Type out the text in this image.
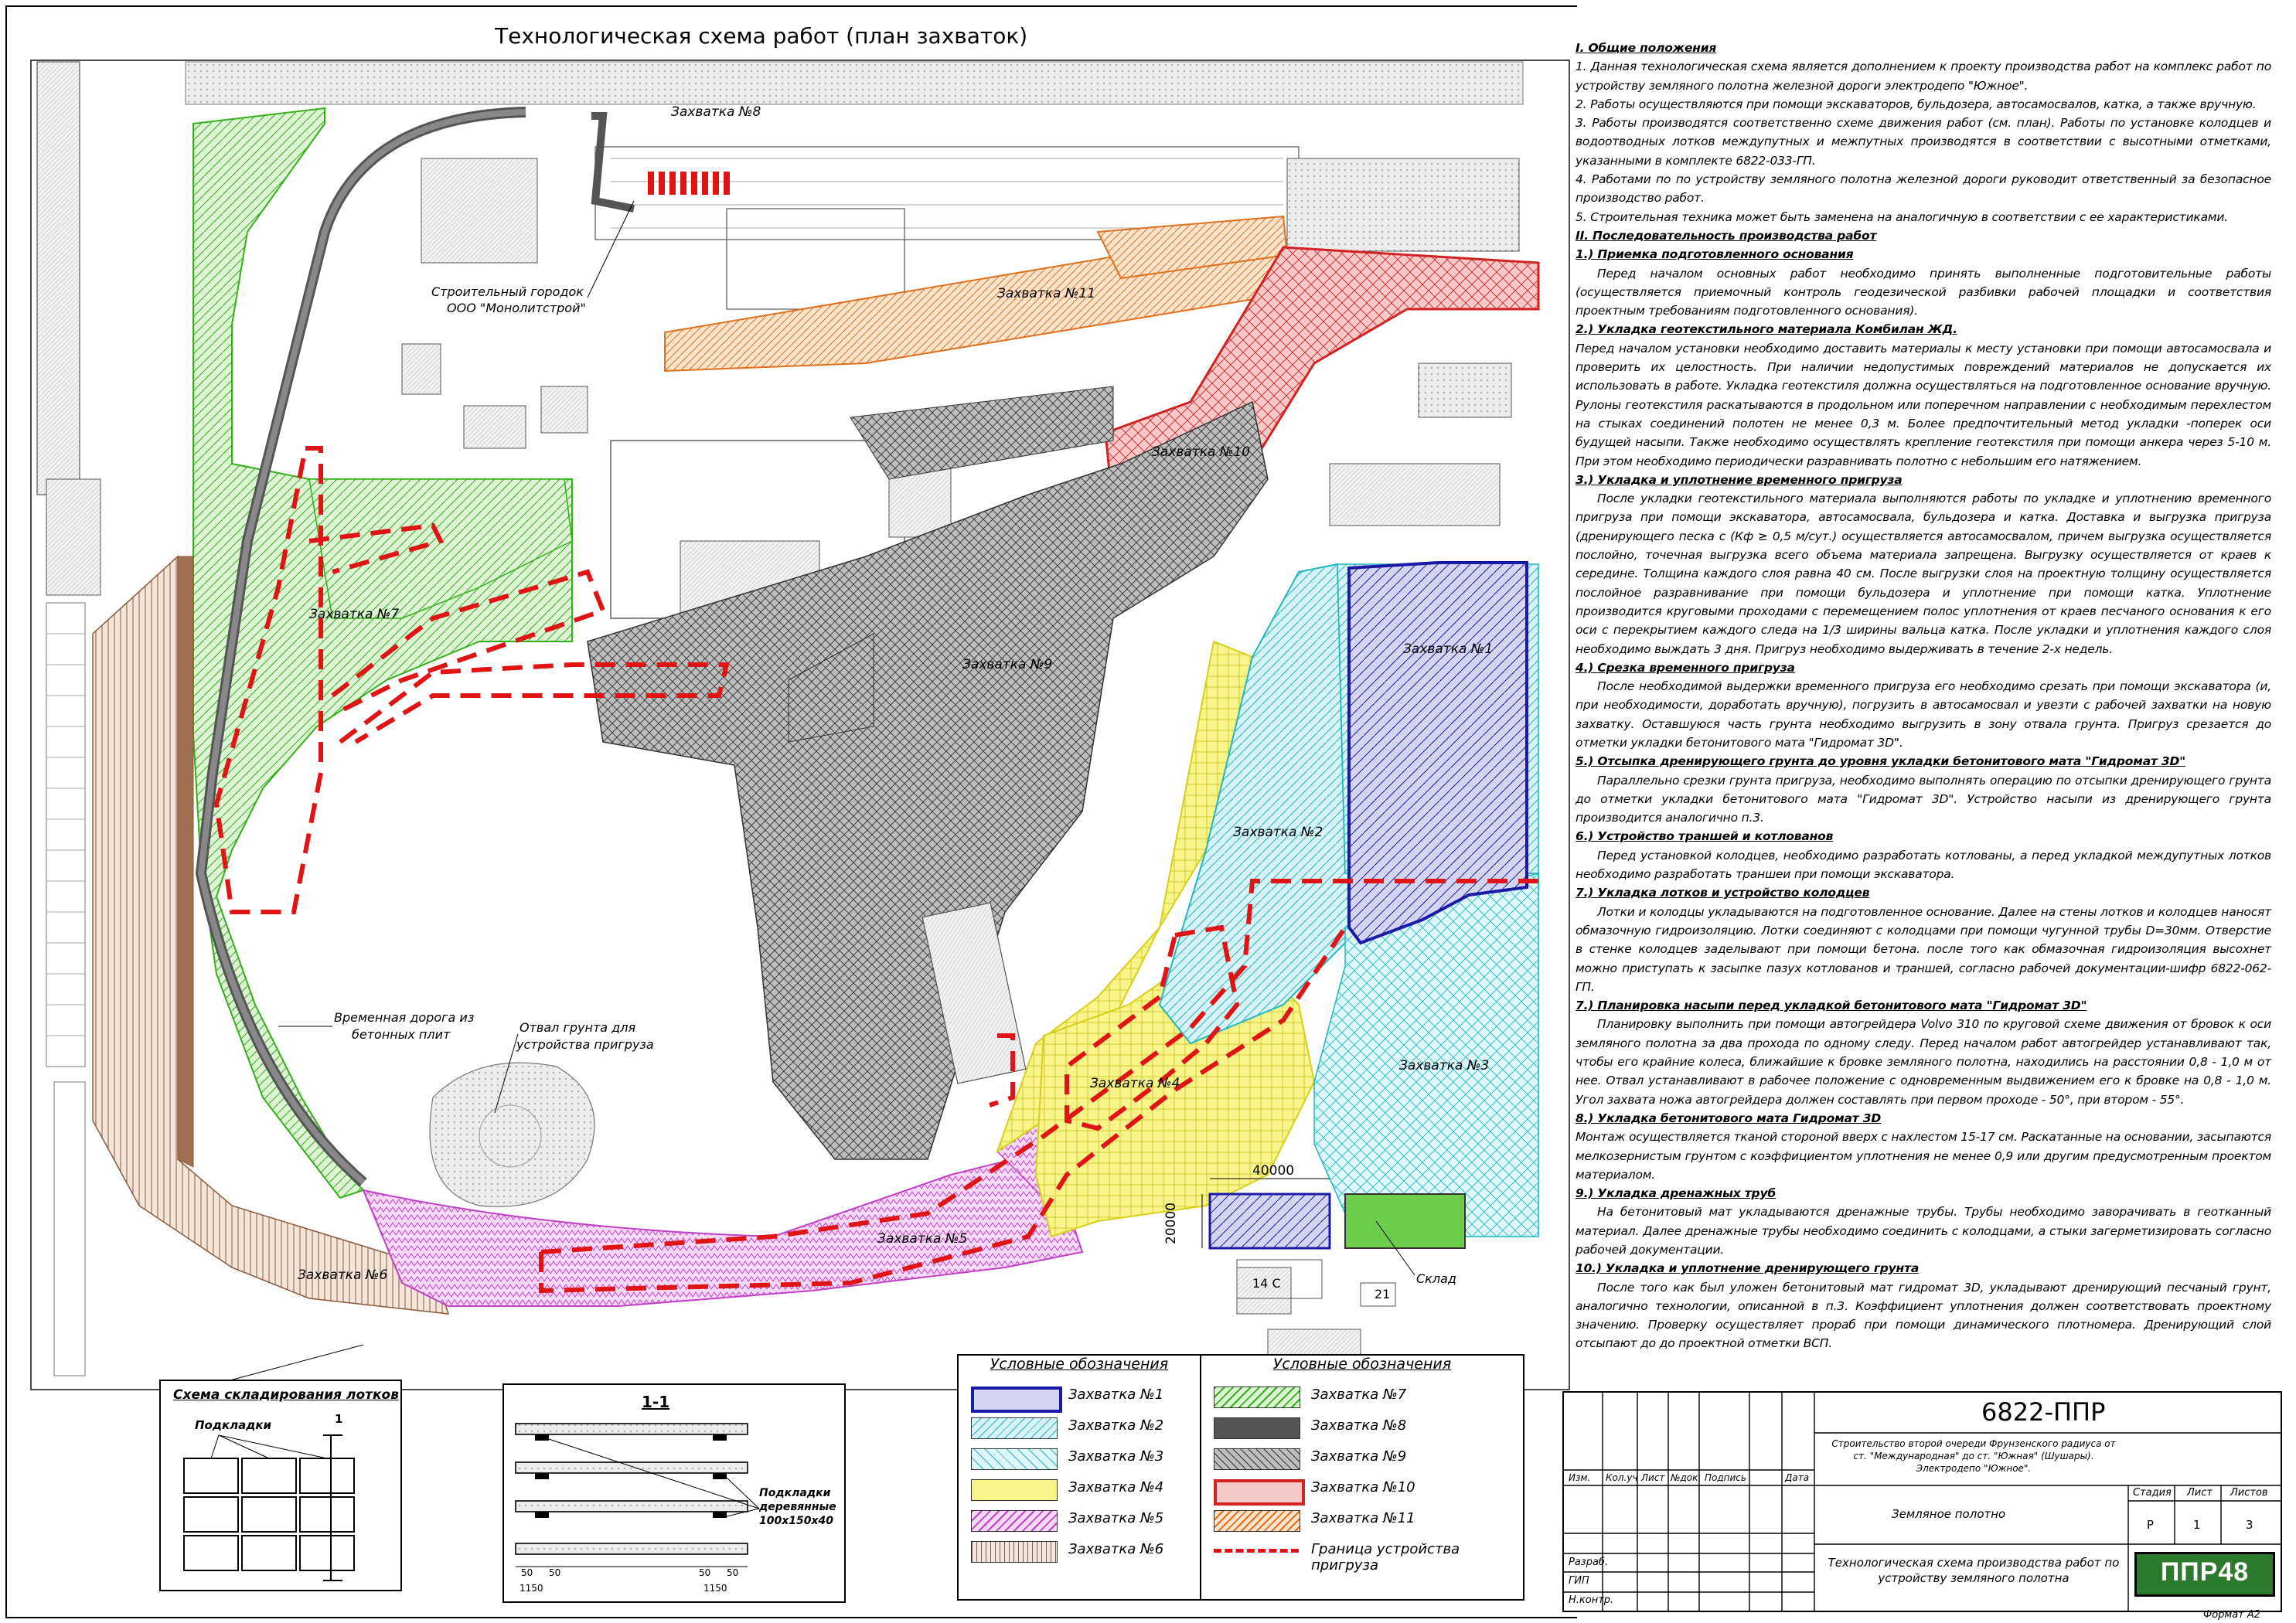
Захватка №8
Захватка №11
Захватка №10
Захватка №9
Захватка №1
Захватка №2
Захватка №3
Захватка №4
Захватка №5
Захватка №6
Захватка №7
Строительный городок
ООО "Монолитстрой"
Временная дорога из
бетонных плит	Отвал грунта для
устройства пригруза
40000
20000
Склад
14 С
21
Технологическая схема работ (план захваток)	I. Общие положения

1. Данная технологическая схема является дополнением к проекту производства работ на комплекс работ по устройству земляного полотна железной дороги электродепо "Южное".

2. Работы осуществляются при помощи экскаваторов, бульдозера, автосамосвалов, катка, а также вручную.

3. Работы производятся соответственно схеме движения работ (см. план). Работы по установке колодцев и водоотводных лотков междупутных и межпутных производятся в соответствии с высотными отметками, указанными в комплекте 6822-033-ГП.

4. Работами по по устройству земляного полотна железной дороги руководит ответственный за безопасное производство работ.

5. Строительная техника может быть заменена на аналогичную в соответствии с ее характеристиками.

II. Последовательность производства работ

1.) Приемка подготовленного основания

Перед началом основных работ необходимо принять выполненные подготовительные работы (осуществляется приемочный контроль геодезической разбивки рабочей площадки и соответствия проектным требованиям подготовленного основания).

2.) Укладка геотекстильного материала Комбилан ЖД.

Перед началом установки необходимо доставить материалы к месту установки при помощи автосамосвала и проверить их целостность. При наличии недопустимых повреждений материалов не допускается их использовать в работе. Укладка геотекстиля должна осуществляться на подготовленное основание вручную. Рулоны геотекстиля раскатываются в продольном или поперечном направлении с необходимым перехлестом на стыках соединений полотен не менее 0,3 м. Более предпочтительный метод укладки -поперек оси будущей насыпи. Также необходимо осуществлять крепление геотекстиля при помощи анкера через 5-10 м. При этом необходимо периодически разравнивать полотно с небольшим его натяжением.

3.) Укладка и уплотнение временного пригруза

После укладки геотекстильного материала выполняются работы по укладке и уплотнению временного пригруза при помощи экскаватора, автосамосвала, бульдозера и катка. Доставка и выгрузка пригруза (дренирующего песка с (Кф ≥ 0,5 м/сут.) осуществляется автосамосвалом, причем выгрузка осуществляется послойно, точечная выгрузка всего объема материала запрещена. Выгрузку осуществляется от краев к середине. Толщина каждого слоя равна 40 см. После выгрузки слоя на проектную толщину осуществляется послойное разравнивание при помощи бульдозера и уплотнение при помощи катка. Уплотнение производится круговыми проходами с перемещением полос уплотнения от краев песчаного основания к его оси с перекрытием каждого следа на 1/3 ширины вальца катка. После укладки и уплотнения каждого слоя необходимо выждать 3 дня. Пригруз необходимо выдерживать в течение 2-х недель.

4.) Срезка временного пригруза

После необходимой выдержки временного пригруза его необходимо срезать при помощи экскаватора (и, при необходимости, доработать вручную), погрузить в автосамосвал и увезти с рабочей захватки на новую захватку. Оставшуюся часть грунта необходимо выгрузить в зону отвала грунта. Пригруз срезается до отметки укладки бетонитового мата "Гидромат 3D".

5.) Отсыпка дренирующего грунта до уровня укладки бетонитового мата "Гидромат 3D"

Параллельно срезки грунта пригруза, необходимо выполнять операцию по отсыпки дренирующего грунта до отметки укладки бетонитового мата "Гидромат 3D". Устройство насыпи из дренирующего грунта производится аналогично п.3.

6.) Устройство траншей и котлованов

Перед установкой колодцев, необходимо разработать котлованы, а перед укладкой междупутных лотков необходимо разработать траншеи при помощи экскаватора.

7.) Укладка лотков и устройство колодцев

Лотки и колодцы укладываются на подготовленное основание. Далее на стены лотков и колодцев наносят обмазочную гидроизоляцию. Лотки соединяют с колодцами при помощи чугунной трубы D=30мм. Отверстие в стенке колодцев заделывают при помощи бетона. после того как обмазочная гидроизоляция высохнет можно приступать к засыпке пазух котлованов и траншей, согласно рабочей документации-шифр 6822-062-ГП.

7.) Планировка насыпи перед укладкой бетонитового мата "Гидромат 3D"

Планировку выполнить при помощи автогрейдера Volvo 310 по круговой схеме движения от бровок к оси земляного полотна за два прохода по одному следу. Перед началом работ автогрейдер устанавливают так, чтобы его крайние колеса, ближайшие к бровке земляного полотна, находились на расстоянии 0,8 - 1,0 м от нее. Отвал устанавливают в рабочее положение с одновременным выдвижением его к бровке на 0,8 - 1,0 м. Угол захвата ножа автогрейдера должен составлять при первом проходе - 50°, при втором - 55°.

8.) Укладка бетонитового мата Гидромат 3D

Монтаж осуществляется тканой стороной вверх с нахлестом 15-17 см. Раскатанные на основании, засыпаются мелкозернистым грунтом с коэффициентом уплотнения не менее 0,9 или другим предусмотренным проектом материалом.

9.) Укладка дренажных труб

На бетонитовый мат укладываются дренажные трубы. Трубы необходимо заворачивать в геотканный материал. Далее дренажные трубы необходимо соединить с колодцами, а стыки загерметизировать согласно рабочей документации.

10.) Укладка и уплотнение дренирующего грунта

После того как был уложен бетонитовый мат гидромат 3D, укладывают дренирующий песчаный грунт, аналогично технологии, описанной в п.3. Коэффициент уплотнения должен соответствовать проектному значению. Проверку осуществляет прораб при помощи динамического плотномера. Дренирующий слой отсыпают до до проектной отметки ВСП.

Схема складирования лотков
Подкладки	1
1-1
Подкладки
деревянные
100х150х40
50 50	50 50
1150	1150
Условные обозначения
Захватка №1
Захватка №2
Захватка №3
Захватка №4
Захватка №5
Захватка №6
Условные обозначения
Захватка №7
Захватка №8
Захватка №9
Захватка №10
Захватка №11
Граница устройства пригруза
6822-ППР
Строительство второй очереди Фрунзенского радиуса от ст. "Международная" до ст. "Южная" (Шушары). Электродепо "Южное".
Изм. Кол.уч Лист №док. Подпись	Дата
Земляное полотно
Стадия Лист Листов
Р	1	3
Разраб.
ГИП
Н.контр.
Технологическая схема производства работ по устройству земляного полотна	ППР48
Формат А2
